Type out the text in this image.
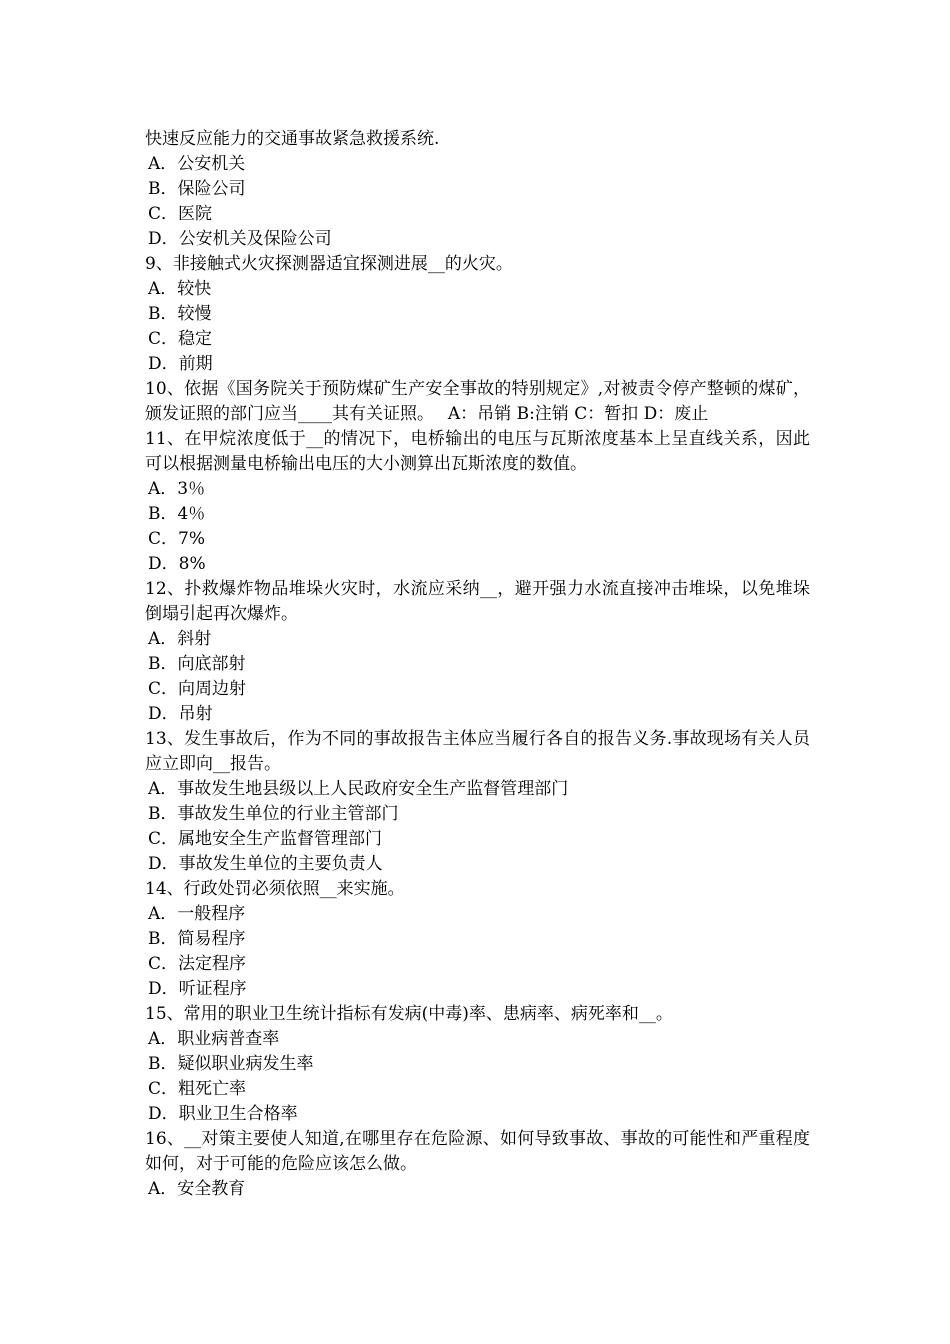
快速反应能力的交通事故紧急救援系统.
A．公安机关
B．保险公司
C．医院
D．公安机关及保险公司
9、非接触式火灾探测器适宜探测进展__的火灾。
A．较快
B．较慢
C．稳定
D．前期
10、依据《国务院关于预防煤矿生产安全事故的特别规定》,对被责令停产整顿的煤矿，颁发证照的部门应当____其有关证照。　 A：吊销 B:注销 C：暂扣 D：废止
11、在甲烷浓度低于__的情况下，电桥输出的电压与瓦斯浓度基本上呈直线关系，因此可以根据测量电桥输出电压的大小测算出瓦斯浓度的数值。
A．3％
B．4％
C．7%
D．8%
12、扑救爆炸物品堆垛火灾时，水流应采纳__，避开强力水流直接冲击堆垛，以免堆垛倒塌引起再次爆炸。
A．斜射
B．向底部射
C．向周边射
D．吊射
13、发生事故后，作为不同的事故报告主体应当履行各自的报告义务.事故现场有关人员应立即向__报告。
A．事故发生地县级以上人民政府安全生产监督管理部门
B．事故发生单位的行业主管部门
C．属地安全生产监督管理部门
D．事故发生单位的主要负责人
14、行政处罚必须依照__来实施。
A．一般程序
B．简易程序
C．法定程序
D．听证程序
15、常用的职业卫生统计指标有发病(中毒)率、患病率、病死率和__。
A．职业病普查率
B．疑似职业病发生率
C．粗死亡率
D．职业卫生合格率
16、__对策主要使人知道,在哪里存在危险源、如何导致事故、事故的可能性和严重程度如何，对于可能的危险应该怎么做。
A．安全教育
